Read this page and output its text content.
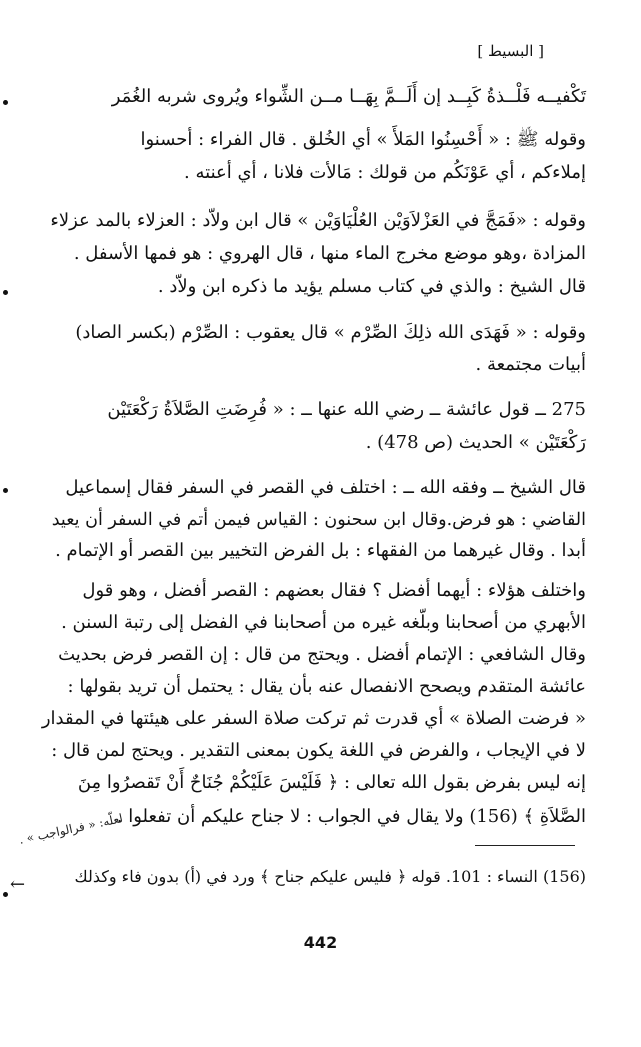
[ البسيط ]
تَكْفيــه فَلْــذةُ كَبِــد إن أَلَــمَّ بِهَــا مــن الشِّواء ويُروى شربه الغُمَر
وقوله ﷺ : « أَحْسِنُوا المَلأَ » أي الخُلق . قال الفراء : أحسنوا
إملاءكم ، أي عَوْنَكُم من قولك : مَالأت فلانا ، أي أعنته .
وقوله : «فَمَجَّ في العَزْلاَوَيْن العُلْيَاوَيْن » قال ابن ولاّد : العزلاء بالمد عزلاء
المزادة ،وهو موضع مخرج الماء منها ، قال الهروي : هو فمها الأسفل .
قال الشيخ : والذي في كتاب مسلم يؤيد ما ذكره ابن ولاّد .
وقوله : « فَهَدَى الله ذلِكَ الصِّرْم » قال يعقوب : الصِّرْم (بكسر الصاد)
أبيات مجتمعة .
275 ــ قول عائشة ــ رضي الله عنها ــ : « فُرِضَتِ الصَّلاَةُ رَكْعَتَيْن
رَكْعَتَيْن » الحديث (ص 478) .
قال الشيخ ــ وفقه الله ــ : اختلف في القصر في السفر فقال إسماعيل
القاضي : هو فرض.وقال ابن سحنون : القياس فيمن أتم في السفر أن يعيد
أبدا . وقال غيرهما من الفقهاء : بل الفرض التخيير بين القصر أو الإتمام .
واختلف هؤلاء : أيهما أفضل ؟ فقال بعضهم : القصر أفضل ، وهو قول
الأبهري من أصحابنا وبلّغه غيره من أصحابنا في الفضل إلى رتبة السنن .
وقال الشافعي : الإتمام أفضل . ويحتج من قال : إن القصر فرض بحديث
عائشة المتقدم ويصحح الانفصال عنه بأن يقال : يحتمل أن تريد بقولها :
« فرضت الصلاة » أي قدرت ثم تركت صلاة السفر على هيئتها في المقدار
لا في الإيجاب ، والفرض في اللغة يكون بمعنى التقدير . ويحتج لمن قال :
إنه ليس بفرض بقول الله تعالى : ﴿ فَلَيْسَ عَلَيْكُمْ جُنَاحٌ أَنْ تَقصرُوا مِنَ
الصَّلاَةِ ﴾ (156) ولا يقال في الجواب : لا جناح عليكم أن تفعلوا .
لعلّه: « فرالواجب » .
(156) النساء : 101. قوله ﴿ فليس عليكم جناح ﴾ ورد في (أ) بدون فاء وكذلك
←
442
